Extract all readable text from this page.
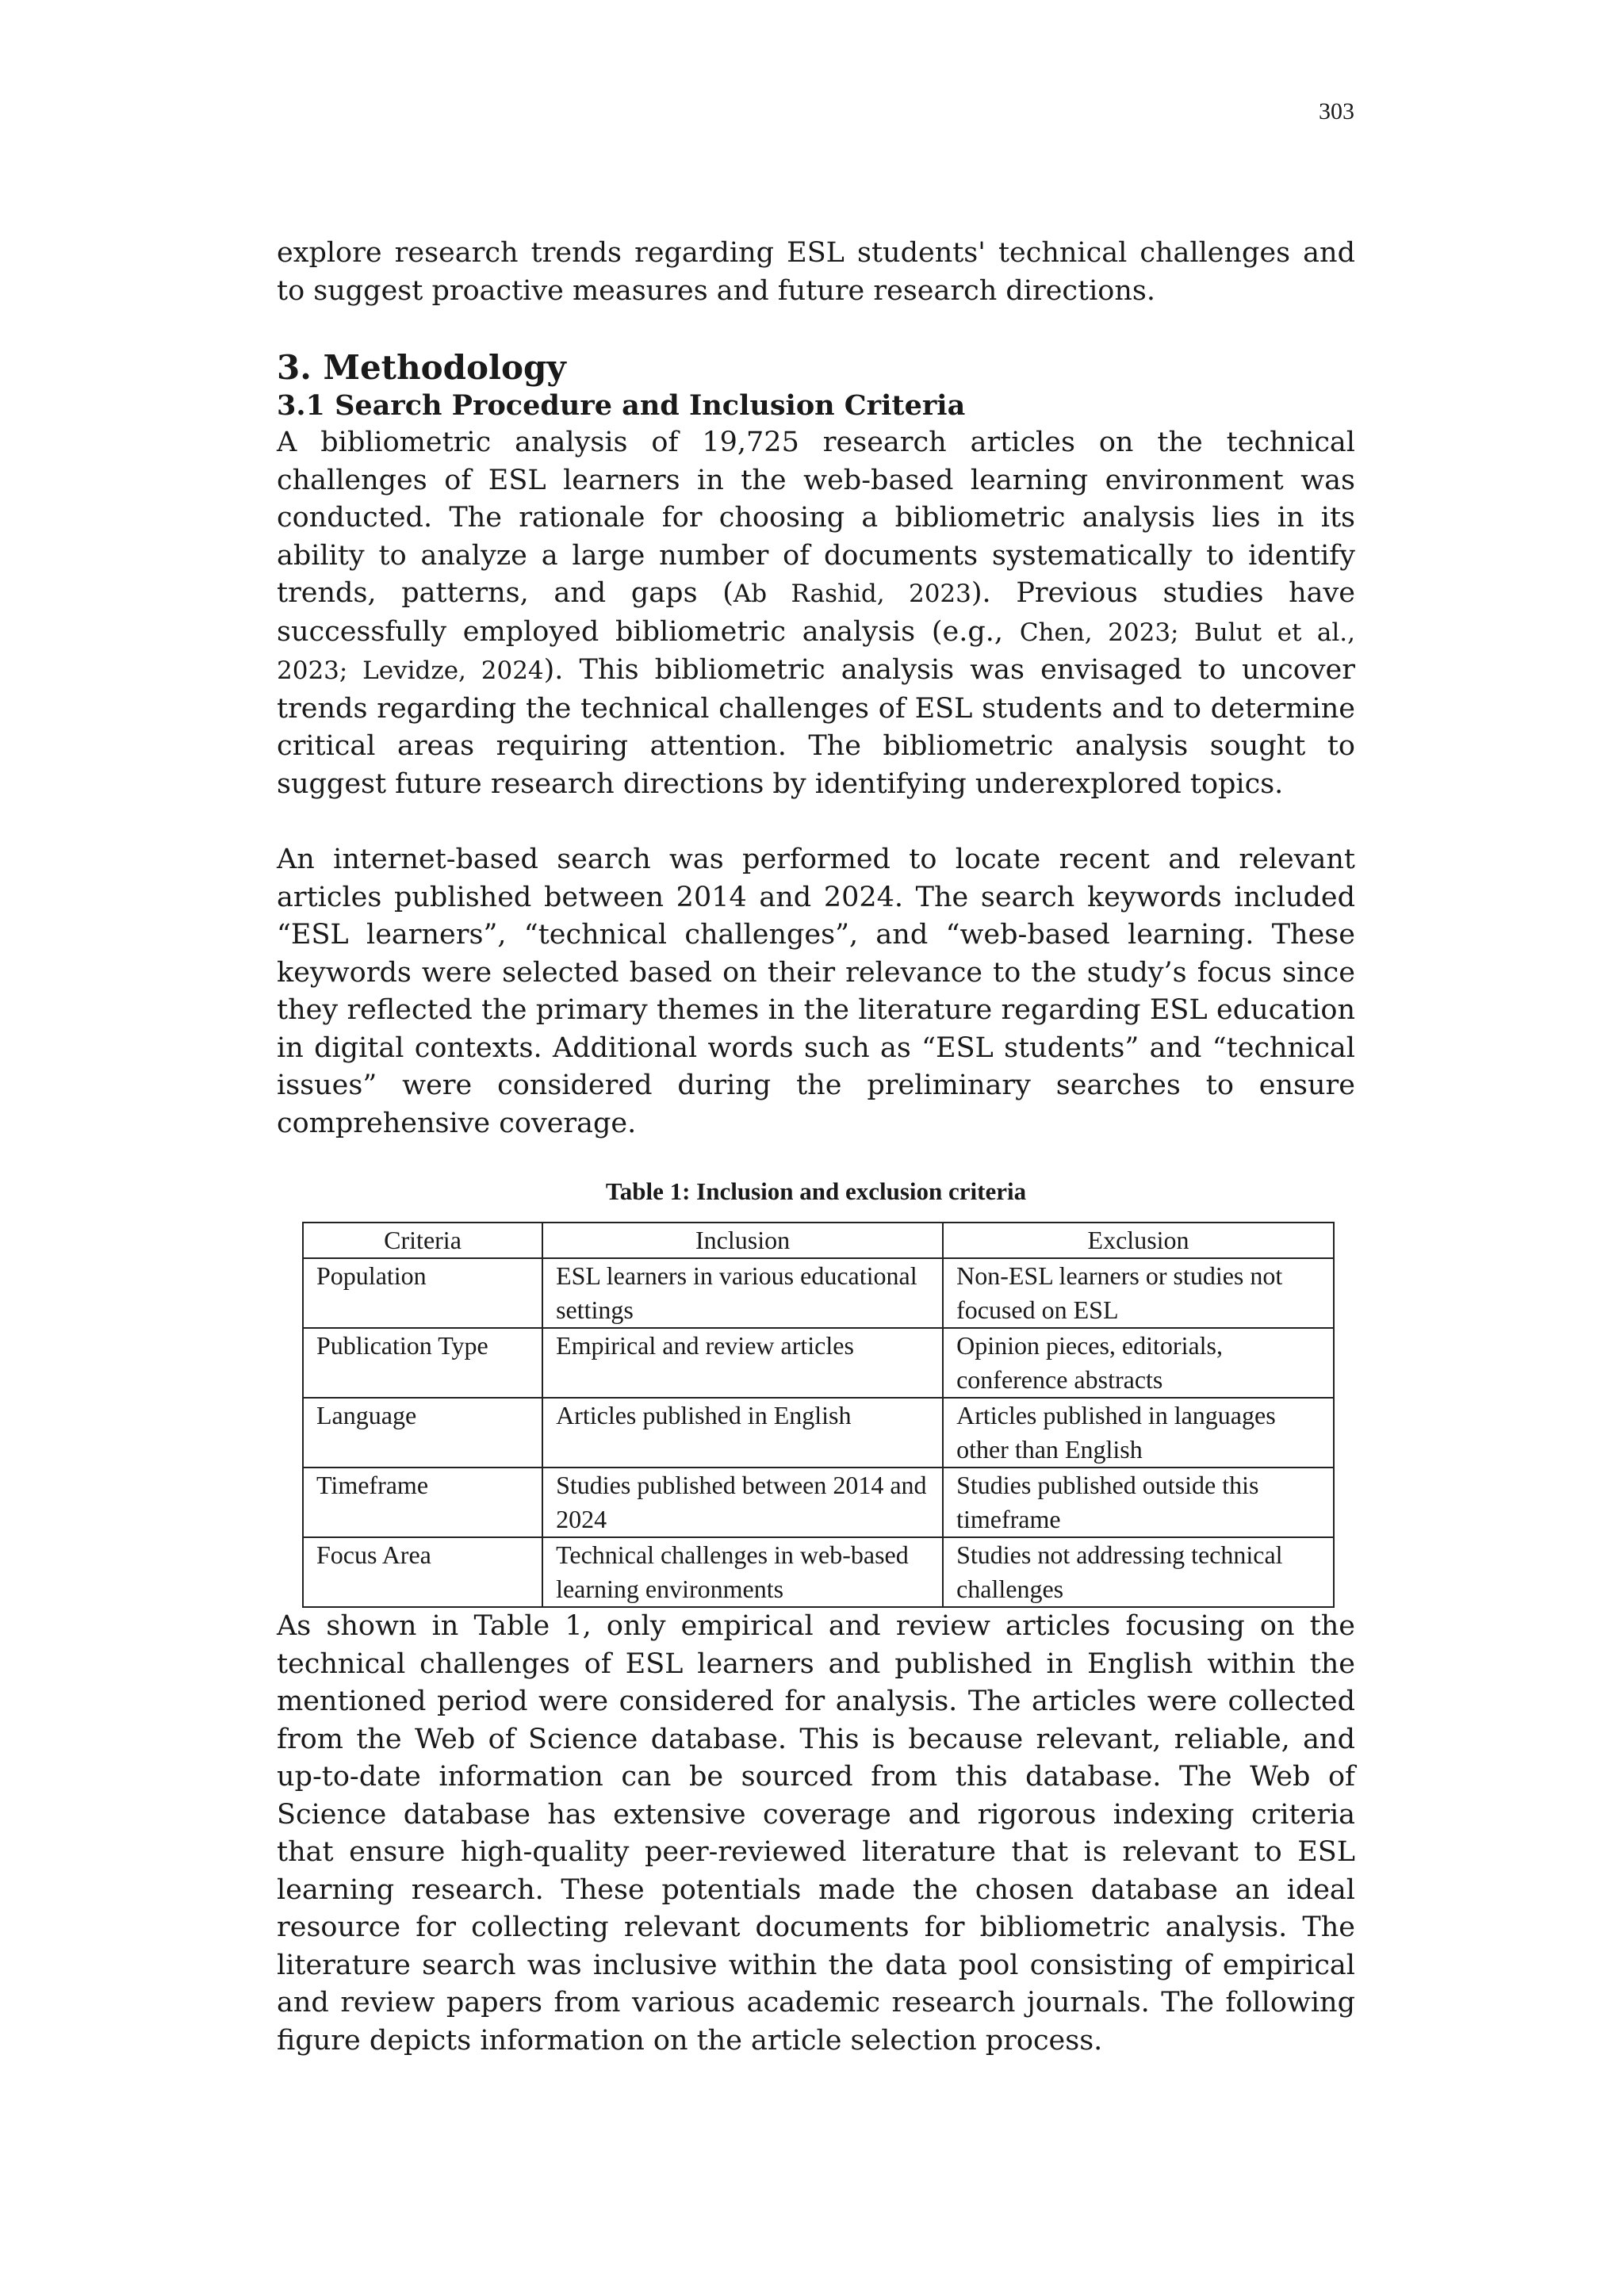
303

explore research trends regarding ESL students' technical challenges and to suggest proactive measures and future research directions.

3. Methodology
3.1 Search Procedure and Inclusion Criteria

A bibliometric analysis of 19,725 research articles on the technical challenges of ESL learners in the web-based learning environment was conducted. The rationale for choosing a bibliometric analysis lies in its ability to analyze a large number of documents systematically to identify trends, patterns, and gaps (Ab Rashid, 2023). Previous studies have successfully employed bibliometric analysis (e.g., Chen, 2023; Bulut et al., 2023; Levidze, 2024). This bibliometric analysis was envisaged to uncover trends regarding the technical challenges of ESL students and to determine critical areas requiring attention. The bibliometric analysis sought to suggest future research directions by identifying underexplored topics.

An internet-based search was performed to locate recent and relevant articles published between 2014 and 2024. The search keywords included “ESL learners”, “technical challenges”, and “web-based learning. These keywords were selected based on their relevance to the study’s focus since they reflected the primary themes in the literature regarding ESL education in digital contexts. Additional words such as “ESL students” and “technical issues” were considered during the preliminary searches to ensure comprehensive coverage.

Table 1: Inclusion and exclusion criteria
Criteria	Inclusion	Exclusion
Population	ESL learners in various educational settings	Non-ESL learners or studies not focused on ESL
Publication Type	Empirical and review articles	Opinion pieces, editorials, conference abstracts
Language	Articles published in English	Articles published in languages other than English
Timeframe	Studies published between 2014 and 2024	Studies published outside this timeframe
Focus Area	Technical challenges in web-based learning environments	Studies not addressing technical challenges

As shown in Table 1, only empirical and review articles focusing on the technical challenges of ESL learners and published in English within the mentioned period were considered for analysis. The articles were collected from the Web of Science database. This is because relevant, reliable, and up-to-date information can be sourced from this database. The Web of Science database has extensive coverage and rigorous indexing criteria that ensure high-quality peer-reviewed literature that is relevant to ESL learning research. These potentials made the chosen database an ideal resource for collecting relevant documents for bibliometric analysis. The literature search was inclusive within the data pool consisting of empirical and review papers from various academic research journals. The following figure depicts information on the article selection process.
